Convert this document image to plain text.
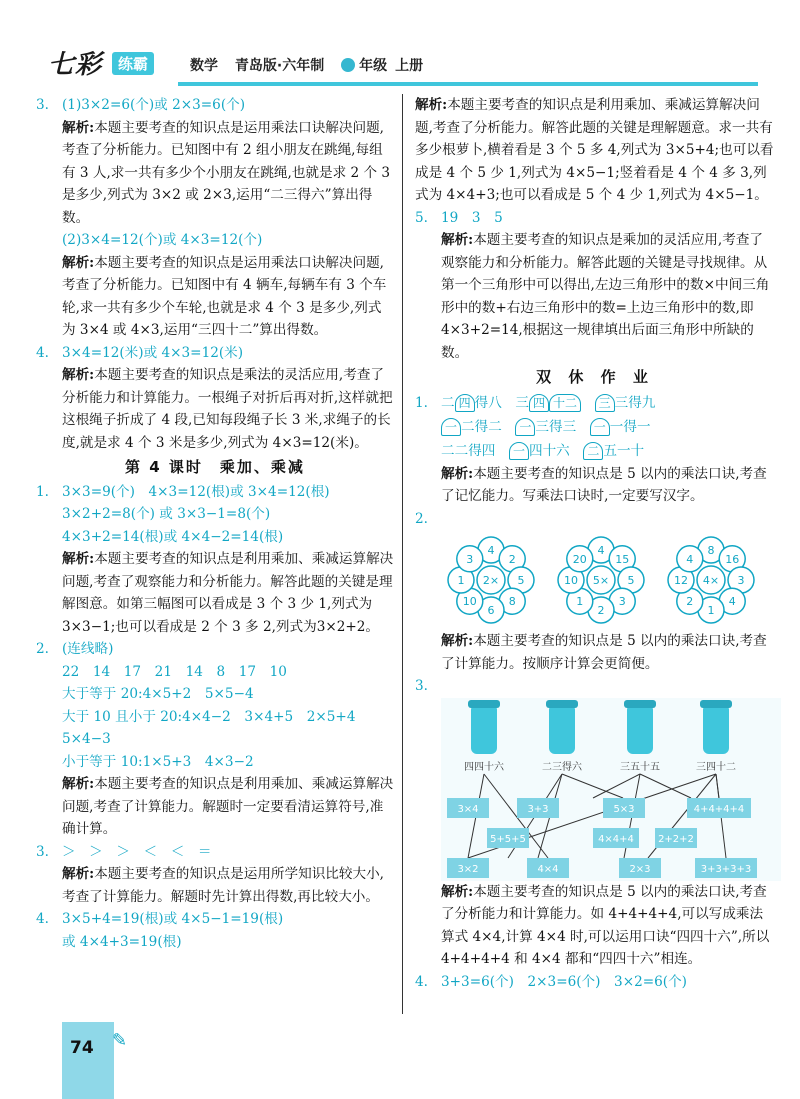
七彩	练霸	数学 青岛版·六年制 年级 上册

3. (1)3×2=6(个)或 2×3=6(个)

解析:本题主要考查的知识点是运用乘法口诀解决问题,考查了分析能力。已知图中有 2 组小朋友在跳绳,每组有 3 人,求一共有多少个小朋友在跳绳,也就是求 2 个 3 是多少,列式为 3×2 或 2×3,运用“二三得六”算出得数。

(2)3×4=12(个)或 4×3=12(个)

解析:本题主要考查的知识点是运用乘法口诀解决问题,考查了分析能力。已知图中有 4 辆车,每辆车有 3 个车轮,求一共有多少个车轮,也就是求 4 个 3 是多少,列式为 3×4 或 4×3,运用“三四十二”算出得数。

4. 3×4=12(米)或 4×3=12(米)

解析:本题主要考查的知识点是乘法的灵活应用,考查了分析能力和计算能力。一根绳子对折后再对折,这样就把这根绳子折成了 4 段,已知每段绳子长 3 米,求绳子的长度,就是求 4 个 3 米是多少,列式为 4×3=12(米)。

第 4 课时　乘加、乘减

1. 3×3=9(个)　4×3=12(根)或 3×4=12(根)

3×2+2=8(个) 或 3×3−1=8(个)

4×3+2=14(根)或 4×4−2=14(根)

解析:本题主要考查的知识点是利用乘加、乘减运算解决问题,考查了观察能力和分析能力。解答此题的关键是理解图意。如第三幅图可以看成是 3 个 3 少 1,列式为3×3−1;也可以看成是 2 个 3 多 2,列式为3×2+2。

2. (连线略)

22　14　17　21　14　8　17　10

大于等于 20:4×5+2　5×5−4

大于 10 且小于 20:4×4−2　3×4+5　2×5+4

5×4−3

小于等于 10:1×5+3　4×3−2

解析:本题主要考查的知识点是利用乘加、乘减运算解决问题,考查了计算能力。解题时一定要看清运算符号,准确计算。

3. ＞　＞　＞　＜　＜　＝

解析:本题主要考查的知识点是运用所学知识比较大小,考查了计算能力。解题时先计算出得数,再比较大小。

4. 3×5+4=19(根)或 4×5−1=19(根)

或 4×4+3=19(根)

解析:本题主要考查的知识点是利用乘加、乘减运算解决问题,考查了分析能力。解答此题的关键是理解题意。求一共有多少根萝卜,横着看是 3 个 5 多 4,列式为 3×5+4;也可以看成是 4 个 5 少 1,列式为 4×5−1;竖着看是 4 个 4 多 3,列式为 4×4+3;也可以看成是 5 个 4 少 1,列式为 4×5−1。

5. 19　3　5

解析:本题主要考查的知识点是乘加的灵活应用,考查了观察能力和分析能力。解答此题的关键是寻找规律。从第一个三角形中可以得出,左边三角形中的数×中间三角形中的数+右边三角形中的数=上边三角形中的数,即 4×3+2=14,根据这一规律填出后面三角形中所缺的数。

双 休 作 业

1. 二 四 得八　 三 四 十二　 三 三得九

一 二得二　 一 三得三　 一 一得一

二二得四　 一 四十六　 二 五一十

解析:本题主要考查的知识点是 5 以内的乘法口诀,考查了记忆能力。写乘法口诀时,一定要写汉字。

2.

4
2
5
8
6
10
1
3
2×
4
15
5
3
2
1
10
20
5×
8
16
3
4
1
2
12
4
4×

解析:本题主要考查的知识点是 5 以内的乘法口诀,考查了计算能力。按顺序计算会更简便。

3.

四四十六	二三得六	三五十五	三四十二
3×4	3+3	5×3	4+4+4+4
5+5+5	4×4+4 2+2+2
3×2	4×4	2×3	3+3+3+3

解析:本题主要考查的知识点是 5 以内的乘法口诀,考查了分析能力和计算能力。如 4+4+4+4,可以写成乘法算式 4×4,计算 4×4 时,可以运用口诀“四四十六”,所以 4+4+4+4 和 4×4 都和“四四十六”相连。

4. 3+3=6(个)　2×3=6(个)　3×2=6(个)

74 ✎
